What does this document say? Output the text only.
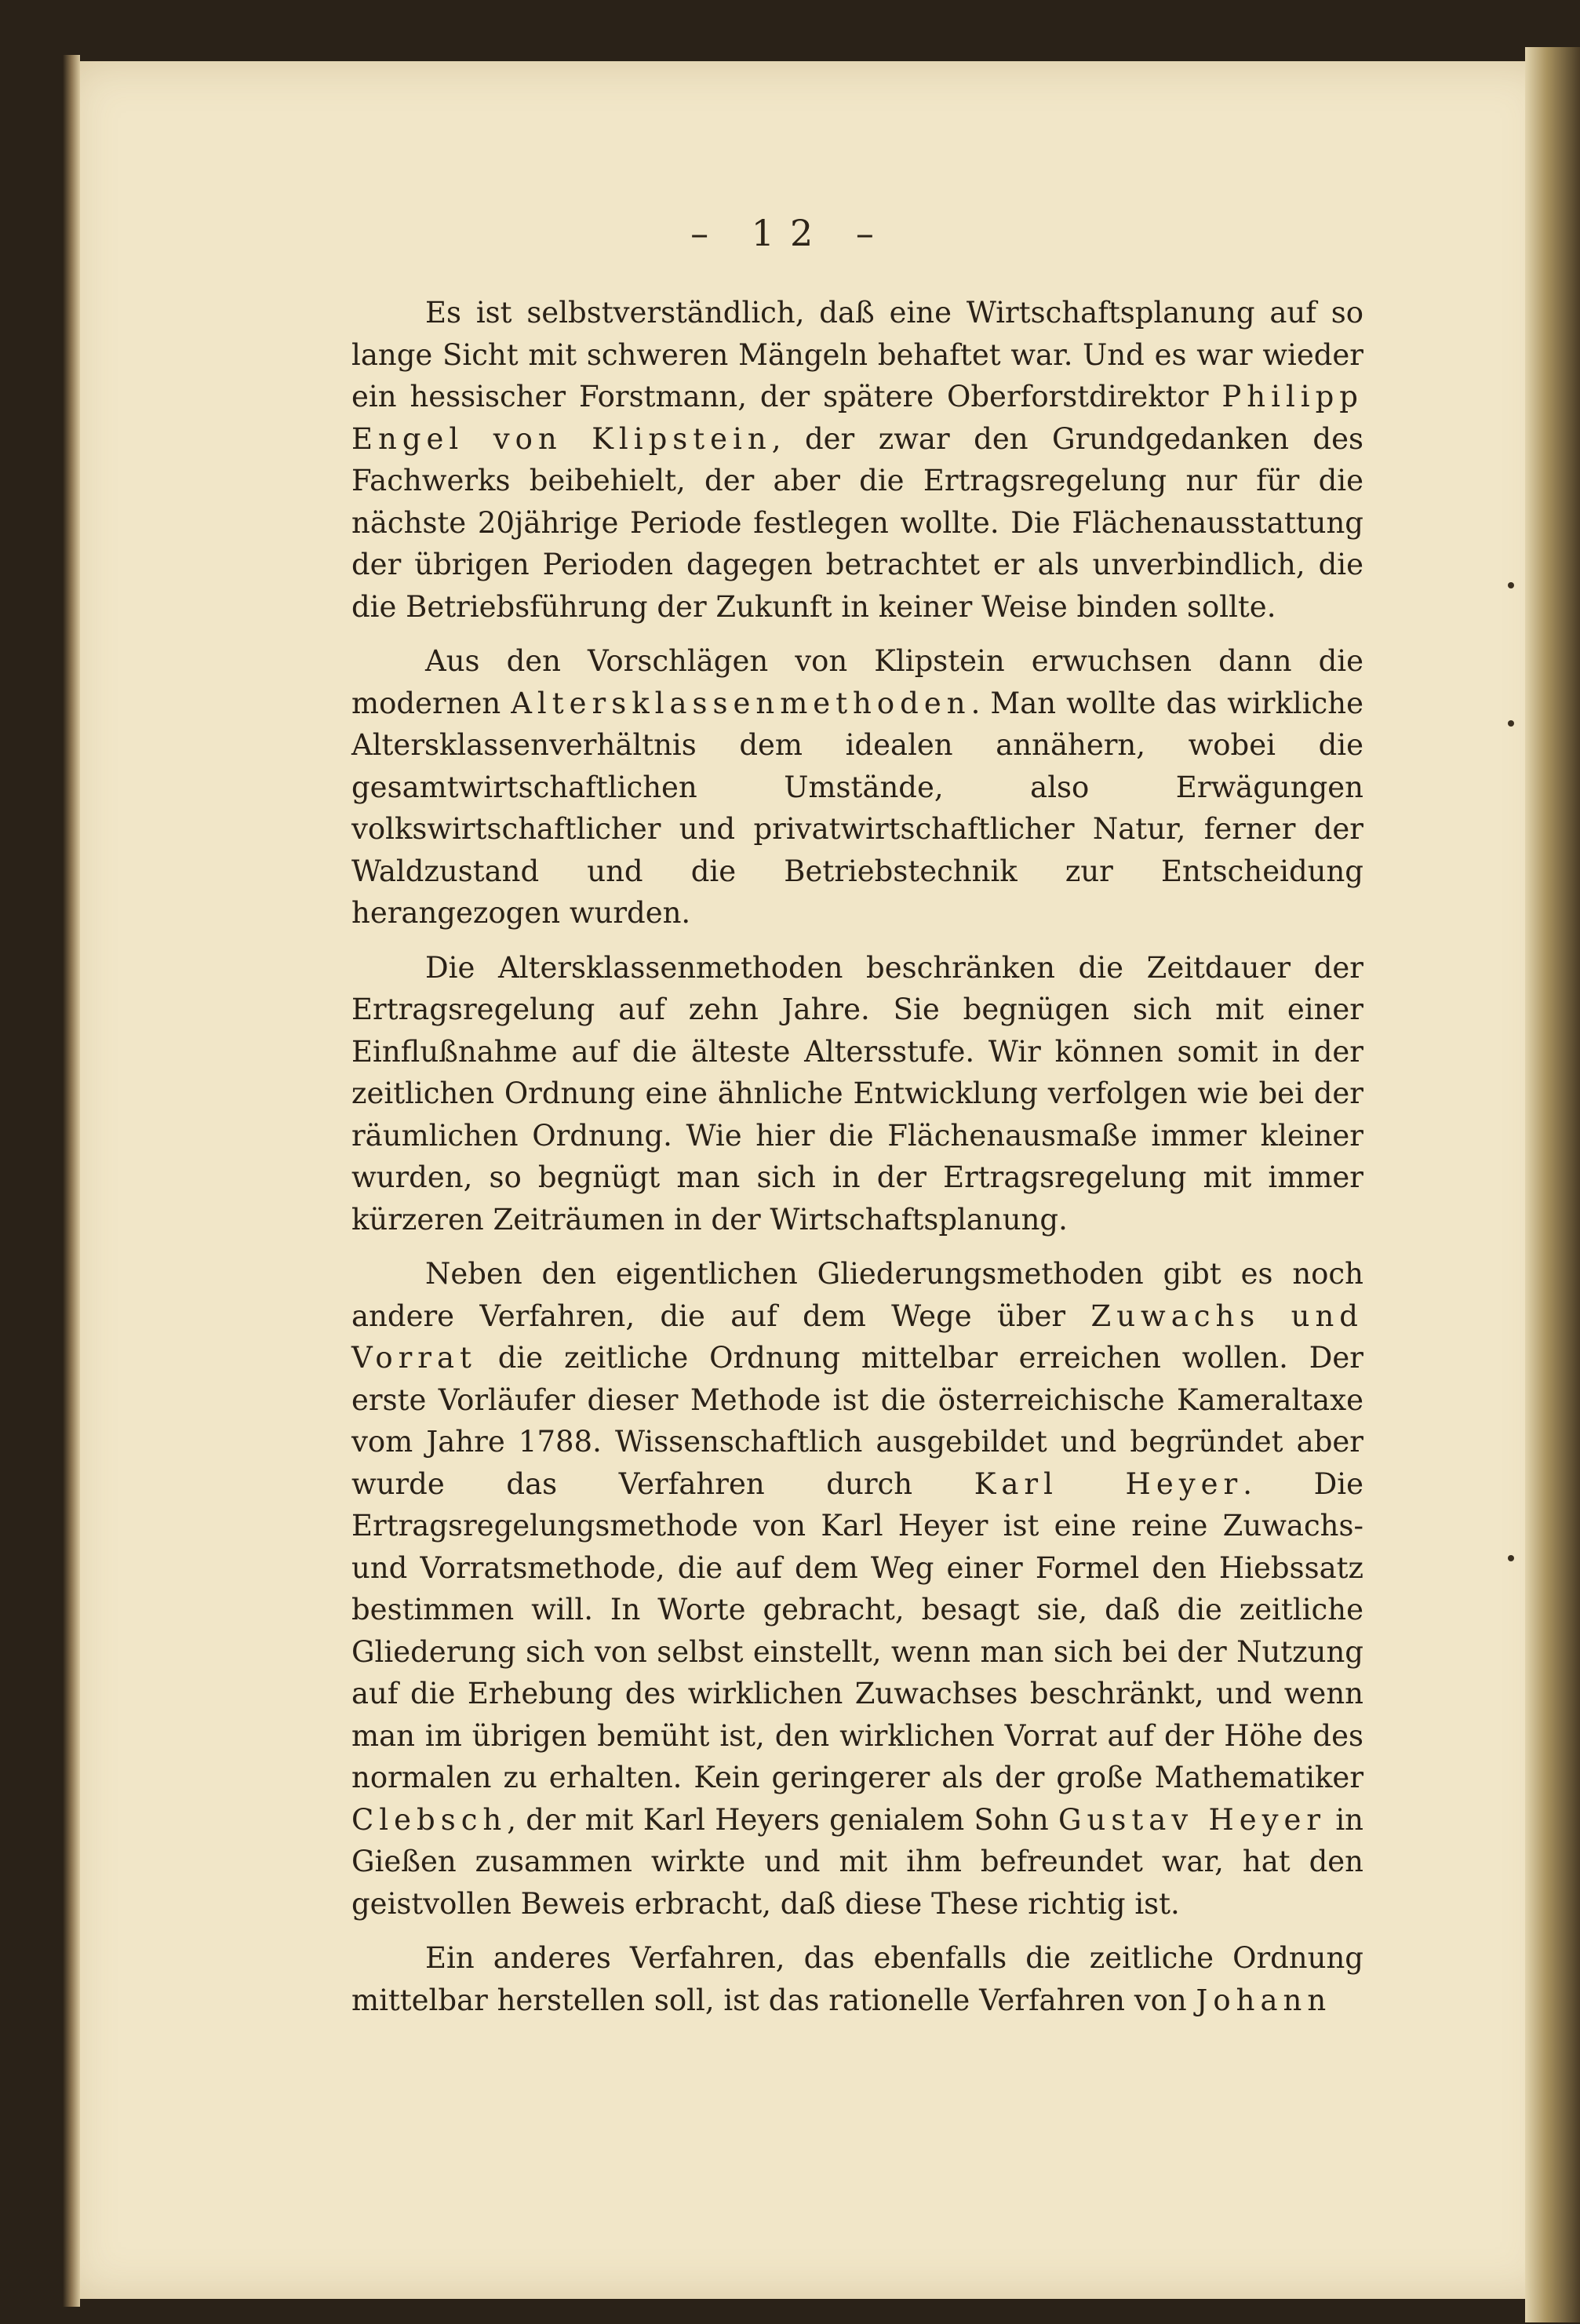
– 12 –

Es ist selbstverständlich, daß eine Wirtschaftsplanung auf so lange Sicht mit schweren Mängeln behaftet war. Und es war wieder ein hessischer Forstmann, der spätere Oberforstdirektor Philipp Engel von Klipstein, der zwar den Grundgedanken des Fachwerks beibehielt, der aber die Ertragsregelung nur für die nächste 20jährige Periode festlegen wollte. Die Flächenausstattung der übrigen Perioden dagegen betrachtet er als unverbindlich, die die Betriebsführung der Zukunft in keiner Weise binden sollte.

Aus den Vorschlägen von Klipstein erwuchsen dann die modernen Altersklassenmethoden. Man wollte das wirkliche Altersklassenverhältnis dem idealen annähern, wobei die gesamtwirtschaftlichen Umstände, also Erwägungen volkswirtschaftlicher und privatwirtschaftlicher Natur, ferner der Waldzustand und die Betriebstechnik zur Entscheidung herangezogen wurden.

Die Altersklassenmethoden beschränken die Zeitdauer der Ertragsregelung auf zehn Jahre. Sie begnügen sich mit einer Einflußnahme auf die älteste Altersstufe. Wir können somit in der zeitlichen Ordnung eine ähnliche Entwicklung verfolgen wie bei der räumlichen Ordnung. Wie hier die Flächenausmaße immer kleiner wurden, so begnügt man sich in der Ertragsregelung mit immer kürzeren Zeiträumen in der Wirtschaftsplanung.

Neben den eigentlichen Gliederungsmethoden gibt es noch andere Verfahren, die auf dem Wege über Zuwachs und Vorrat die zeitliche Ordnung mittelbar erreichen wollen. Der erste Vorläufer dieser Methode ist die österreichische Kameraltaxe vom Jahre 1788. Wissenschaftlich ausgebildet und begründet aber wurde das Verfahren durch Karl Heyer. Die Ertragsregelungsmethode von Karl Heyer ist eine reine Zuwachs- und Vorratsmethode, die auf dem Weg einer Formel den Hiebssatz bestimmen will. In Worte gebracht, besagt sie, daß die zeitliche Gliederung sich von selbst einstellt, wenn man sich bei der Nutzung auf die Erhebung des wirklichen Zuwachses beschränkt, und wenn man im übrigen bemüht ist, den wirklichen Vorrat auf der Höhe des normalen zu erhalten. Kein geringerer als der große Mathematiker Clebsch, der mit Karl Heyers genialem Sohn Gustav Heyer in Gießen zusammen wirkte und mit ihm befreundet war, hat den geistvollen Beweis erbracht, daß diese These richtig ist.

Ein anderes Verfahren, das ebenfalls die zeitliche Ordnung mittelbar herstellen soll, ist das rationelle Verfahren von Johann
